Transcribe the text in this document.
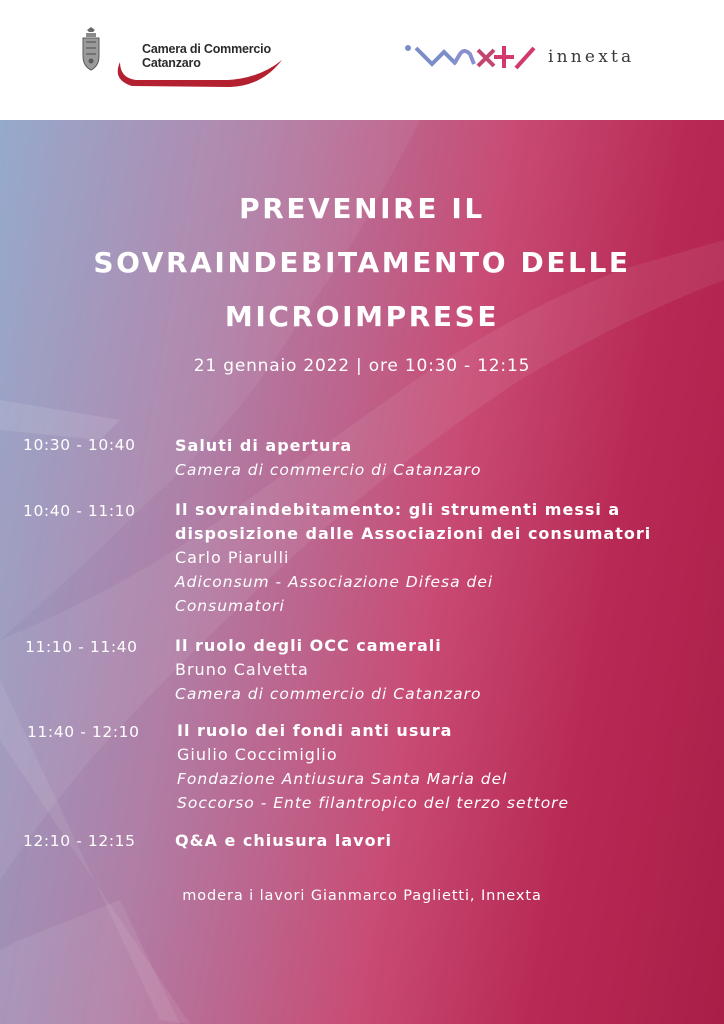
Camera di Commercio
Catanzaro	innexta
PREVENIRE IL
SOVRAINDEBITAMENTO DELLE
MICROIMPRESE
21 gennaio 2022 | ore 10:30 - 12:15
10:30 - 10:40 Saluti di apertura
Camera di commercio di Catanzaro
10:40 - 11:10 Il sovraindebitamento: gli strumenti messi a
disposizione dalle Associazioni dei consumatori
Carlo Piarulli
Adiconsum - Associazione Difesa dei
Consumatori
11:10 - 11:40 Il ruolo degli OCC camerali
Bruno Calvetta
Camera di commercio di Catanzaro
11:40 - 12:10 Il ruolo dei fondi anti usura
Giulio Coccimiglio
Fondazione Antiusura Santa Maria del
Soccorso - Ente filantropico del terzo settore
12:10 - 12:15 Q&A e chiusura lavori
modera i lavori Gianmarco Paglietti, Innexta
